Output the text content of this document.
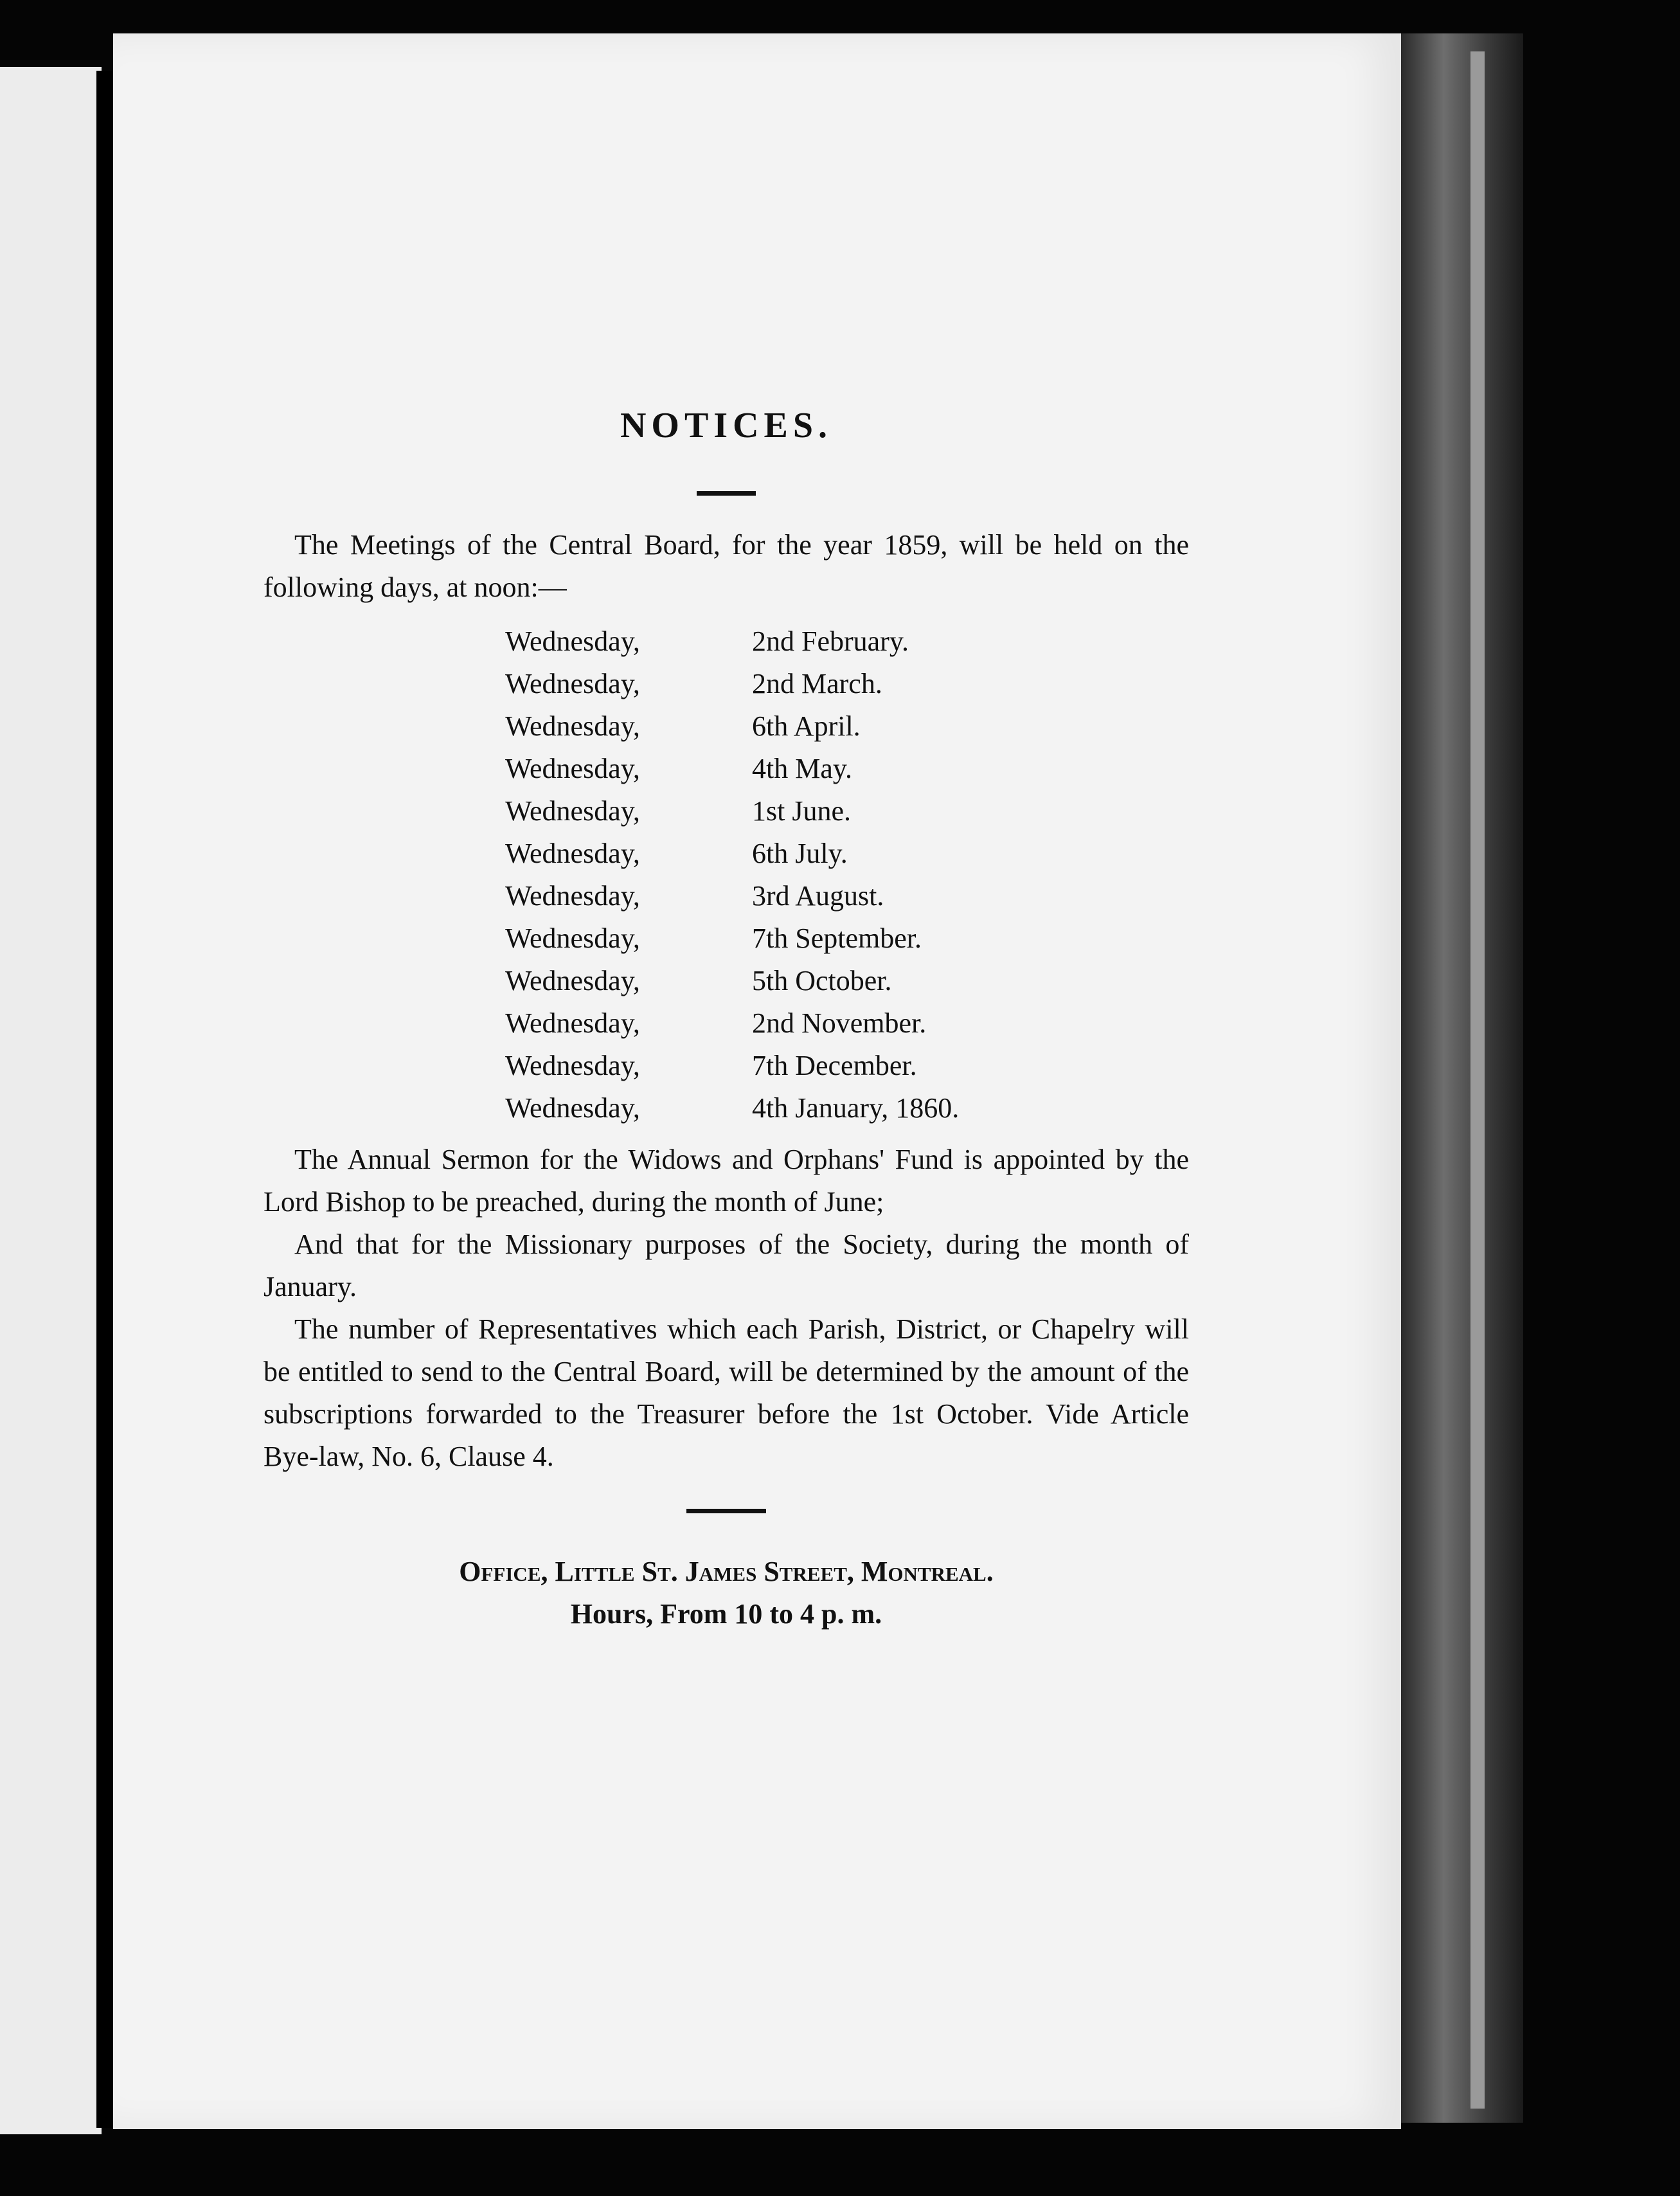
NOTICES.

The Meetings of the Central Board, for the year 1859, will be held on the following days, at noon:—

Wednesday,	2nd February.
Wednesday,	2nd March.
Wednesday,	6th April.
Wednesday,	4th May.
Wednesday,	1st June.
Wednesday,	6th July.
Wednesday,	3rd August.
Wednesday,	7th September.
Wednesday,	5th October.
Wednesday,	2nd November.
Wednesday,	7th December.
Wednesday,	4th January, 1860.

The Annual Sermon for the Widows and Orphans' Fund is appointed by the Lord Bishop to be preached, during the month of June;

And that for the Missionary purposes of the Society, during the month of January.

The number of Representatives which each Parish, District, or Chapelry will be entitled to send to the Central Board, will be determined by the amount of the subscriptions forwarded to the Treasurer before the 1st October. Vide Article Bye-law, No. 6, Clause 4.

Office, Little St. James Street, Montreal.

Hours, From 10 to 4 p. m.
